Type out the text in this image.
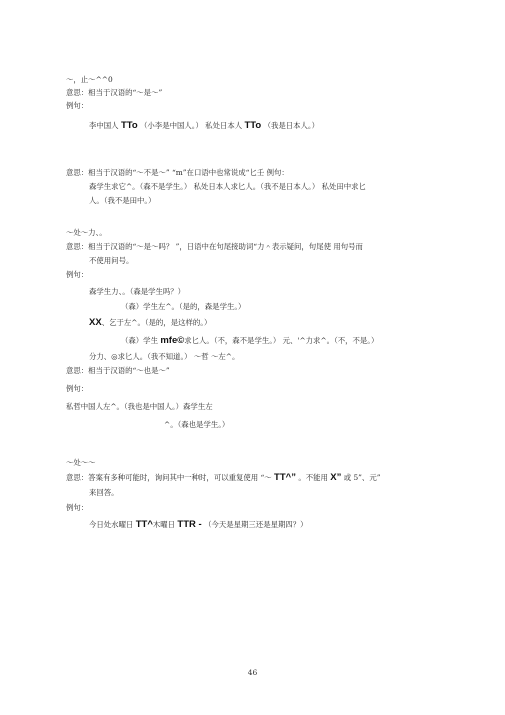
～，止～^^0
意思：相当于汉语的“～是～”
例句：
李中国人 TTo （小李是中国人。） 私处日本人 TTo （我是日本人。）
意思：相当于汉语的“～不是～” “m”在口语中也常说成“匕壬 例句：
森学生求它^。（森不是学生。） 私处日本人求匕人。（我不是日本人。） 私处田中求匕
人。（我不是田中。）
～处～力、。
意思：相当于汉语的“～是～吗？ ”，日语中在句尾接助词“力＾表示疑问，句尾使 用句号而
不使用问号。
例句：
森学生力、。（森是学生吗？）
（森）学生左^。（是的，森是学生。）
XX、乞于左^。（是的，是这样的。）
（森）学生 mfe©求匕人。（不，森不是学生。） 元、'^力求^。（不，不是。）
分力、◎求匕人。（我不知道。） ～哲 ～左^。
意思：相当于汉语的“～也是～”
例句：
私哲中国人左^。（我也是中国人。）森学生左
^。（森也是学生。）
～处～～
意思：答案有多种可能时，询问其中一种时，可以重复使用 “～ TT^” 。不能用 X” 或 5”、元”
来回答。
例句：
今日处水曜日 TT^木曜日 TTR - （今天是星期三还是星期四？）
46
